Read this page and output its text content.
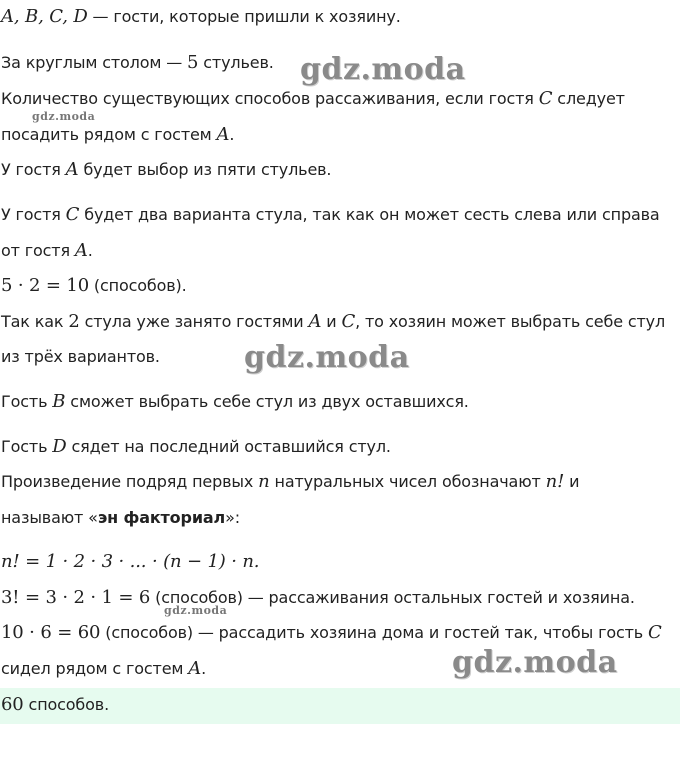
A, B, C, D — гости, которые пришли к хозяину.
За круглым столом — 5 стульев.
Количество существующих способов рассаживания, если гостя C следует
посадить рядом с гостем A.
У гостя A будет выбор из пяти стульев.
У гостя C будет два варианта стула, так как он может сесть слева или справа
от гостя A.
5 · 2 = 10 (способов).
Так как 2 стула уже занято гостями A и C, то хозяин может выбрать себе стул
из трёх вариантов.
Гость B сможет выбрать себе стул из двух оставшихся.
Гость D сядет на последний оставшийся стул.
Произведение подряд первых n натуральных чисел обозначают n! и
называют «эн факториал»:
n! = 1 · 2 · 3 · ... · (n − 1) · n.
3! = 3 · 2 · 1 = 6 (способов) — рассаживания остальных гостей и хозяина.
10 · 6 = 60 (способов) — рассадить хозяина дома и гостей так, чтобы гость C
сидел рядом с гостем A.
60 способов.
gdz.moda
gdz.moda
gdz.moda
gdz.moda
gdz.moda
